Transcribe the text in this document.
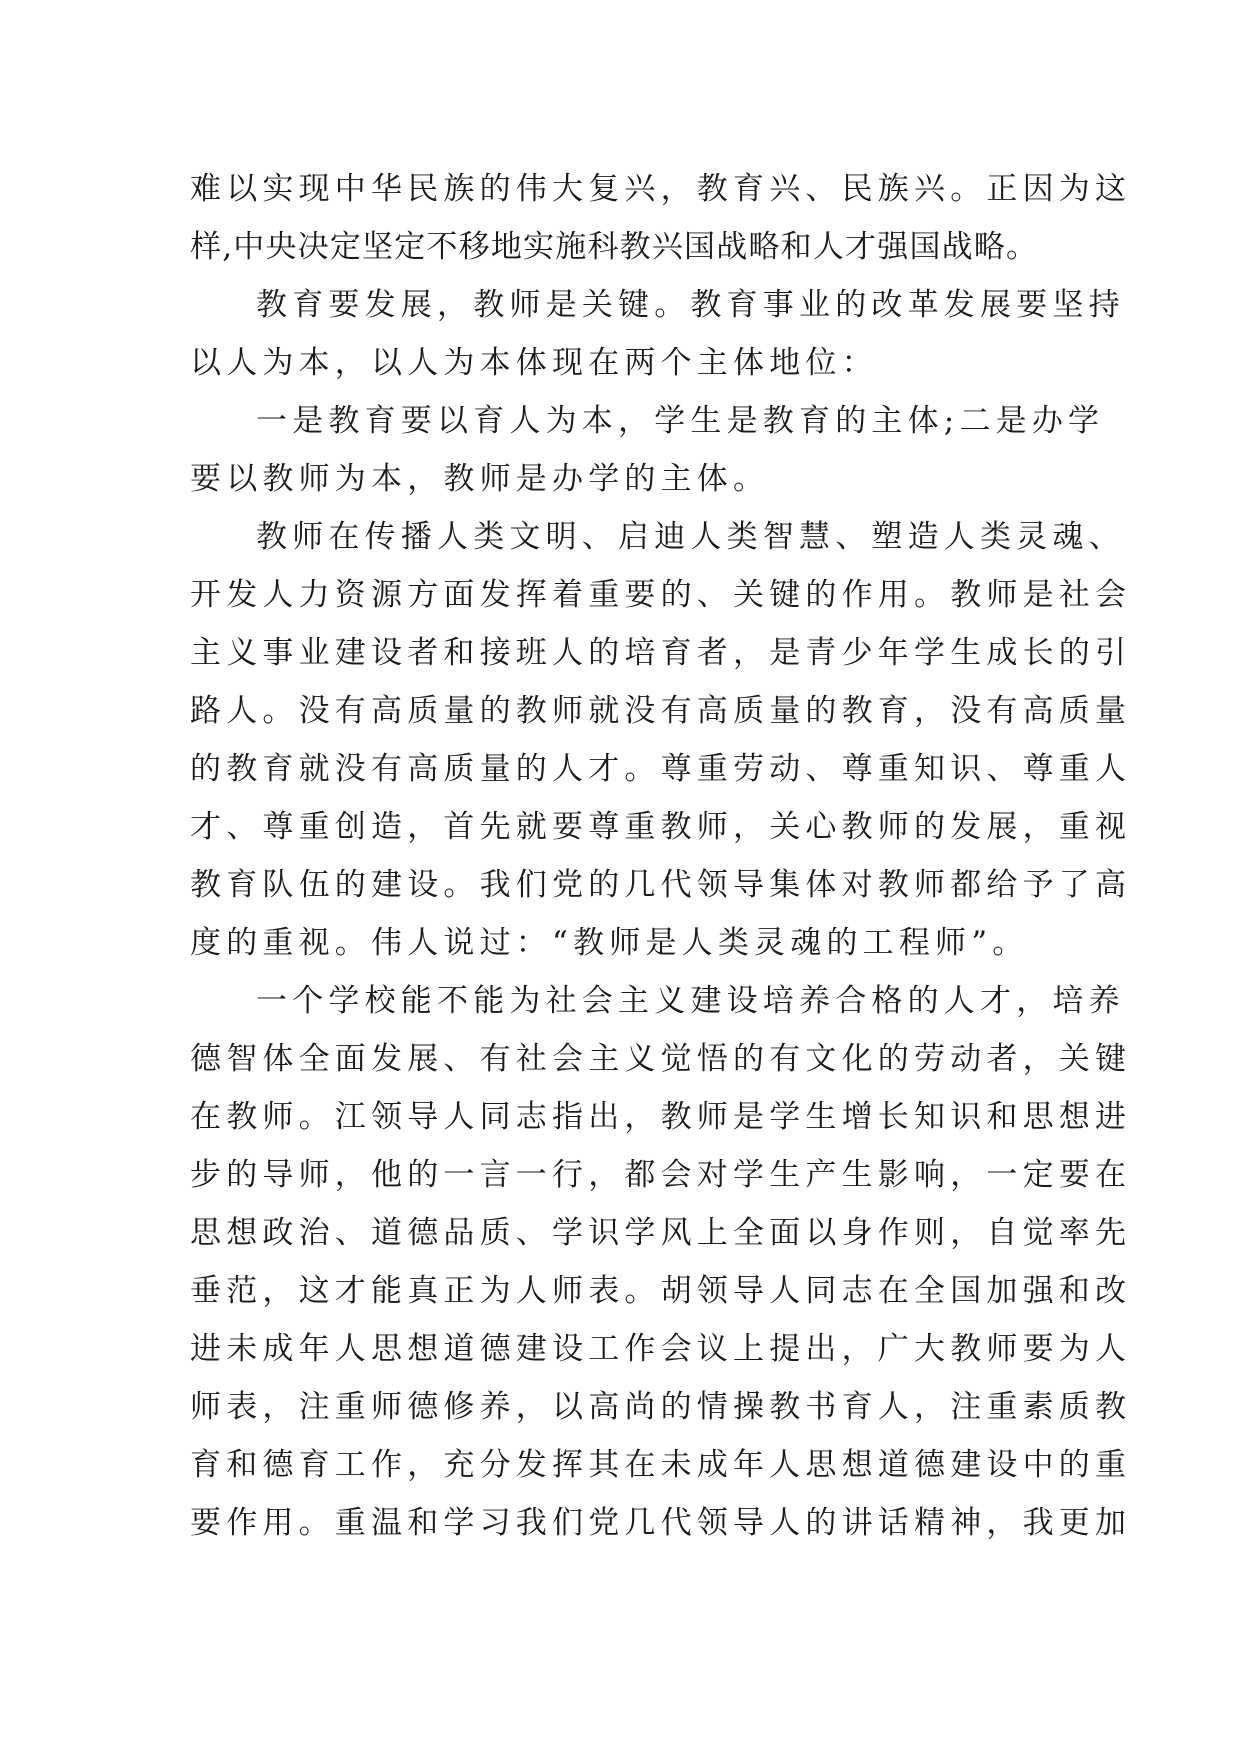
难以实现中华民族的伟大复兴，教育兴、民族兴。正因为这
样,中央决定坚定不移地实施科教兴国战略和人才强国战略。
教育要发展，教师是关键。教育事业的改革发展要坚持
以人为本，以人为本体现在两个主体地位：
一是教育要以育人为本，学生是教育的主体;二是办学
要以教师为本，教师是办学的主体。
教师在传播人类文明、启迪人类智慧、塑造人类灵魂、
开发人力资源方面发挥着重要的、关键的作用。教师是社会
主义事业建设者和接班人的培育者，是青少年学生成长的引
路人。没有高质量的教师就没有高质量的教育，没有高质量
的教育就没有高质量的人才。尊重劳动、尊重知识、尊重人
才、尊重创造，首先就要尊重教师，关心教师的发展，重视
教育队伍的建设。我们党的几代领导集体对教师都给予了高
度的重视。伟人说过：“教师是人类灵魂的工程师”。
一个学校能不能为社会主义建设培养合格的人才，培养
德智体全面发展、有社会主义觉悟的有文化的劳动者，关键
在教师。江领导人同志指出，教师是学生增长知识和思想进
步的导师，他的一言一行，都会对学生产生影响，一定要在
思想政治、道德品质、学识学风上全面以身作则，自觉率先
垂范，这才能真正为人师表。胡领导人同志在全国加强和改
进未成年人思想道德建设工作会议上提出，广大教师要为人
师表，注重师德修养，以高尚的情操教书育人，注重素质教
育和德育工作，充分发挥其在未成年人思想道德建设中的重
要作用。重温和学习我们党几代领导人的讲话精神，我更加
